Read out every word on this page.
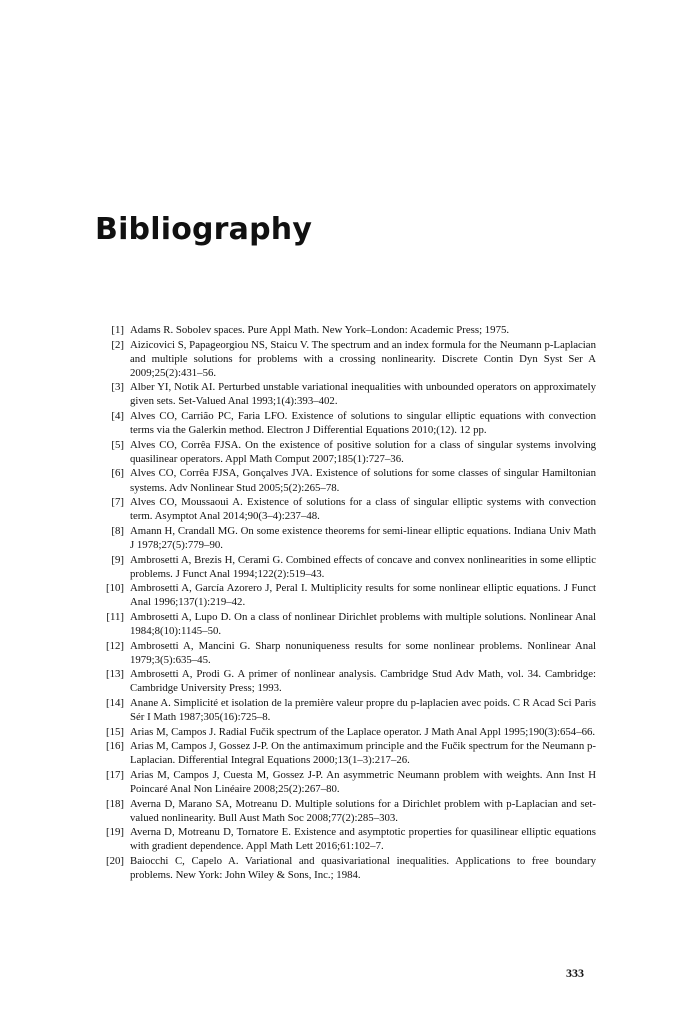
Bibliography
[1] Adams R. Sobolev spaces. Pure Appl Math. New York–London: Academic Press; 1975.
[2] Aizicovici S, Papageorgiou NS, Staicu V. The spectrum and an index formula for the Neumann p-Laplacian and multiple solutions for problems with a crossing nonlinearity. Discrete Contin Dyn Syst Ser A 2009;25(2):431–56.
[3] Alber YI, Notik AI. Perturbed unstable variational inequalities with unbounded operators on approximately given sets. Set-Valued Anal 1993;1(4):393–402.
[4] Alves CO, Carrião PC, Faria LFO. Existence of solutions to singular elliptic equations with convection terms via the Galerkin method. Electron J Differential Equations 2010;(12). 12 pp.
[5] Alves CO, Corrêa FJSA. On the existence of positive solution for a class of singular systems involving quasilinear operators. Appl Math Comput 2007;185(1):727–36.
[6] Alves CO, Corrêa FJSA, Gonçalves JVA. Existence of solutions for some classes of singular Hamiltonian systems. Adv Nonlinear Stud 2005;5(2):265–78.
[7] Alves CO, Moussaoui A. Existence of solutions for a class of singular elliptic systems with convection term. Asymptot Anal 2014;90(3–4):237–48.
[8] Amann H, Crandall MG. On some existence theorems for semi-linear elliptic equations. Indiana Univ Math J 1978;27(5):779–90.
[9] Ambrosetti A, Brezis H, Cerami G. Combined effects of concave and convex nonlinearities in some elliptic problems. J Funct Anal 1994;122(2):519–43.
[10] Ambrosetti A, García Azorero J, Peral I. Multiplicity results for some nonlinear elliptic equations. J Funct Anal 1996;137(1):219–42.
[11] Ambrosetti A, Lupo D. On a class of nonlinear Dirichlet problems with multiple solutions. Nonlinear Anal 1984;8(10):1145–50.
[12] Ambrosetti A, Mancini G. Sharp nonuniqueness results for some nonlinear problems. Nonlinear Anal 1979;3(5):635–45.
[13] Ambrosetti A, Prodi G. A primer of nonlinear analysis. Cambridge Stud Adv Math, vol. 34. Cambridge: Cambridge University Press; 1993.
[14] Anane A. Simplicité et isolation de la première valeur propre du p-laplacien avec poids. C R Acad Sci Paris Sér I Math 1987;305(16):725–8.
[15] Arias M, Campos J. Radial Fučik spectrum of the Laplace operator. J Math Anal Appl 1995;190(3):654–66.
[16] Arias M, Campos J, Gossez J-P. On the antimaximum principle and the Fučik spectrum for the Neumann p-Laplacian. Differential Integral Equations 2000;13(1–3):217–26.
[17] Arias M, Campos J, Cuesta M, Gossez J-P. An asymmetric Neumann problem with weights. Ann Inst H Poincaré Anal Non Linéaire 2008;25(2):267–80.
[18] Averna D, Marano SA, Motreanu D. Multiple solutions for a Dirichlet problem with p-Laplacian and set-valued nonlinearity. Bull Aust Math Soc 2008;77(2):285–303.
[19] Averna D, Motreanu D, Tornatore E. Existence and asymptotic properties for quasilinear elliptic equations with gradient dependence. Appl Math Lett 2016;61:102–7.
[20] Baiocchi C, Capelo A. Variational and quasivariational inequalities. Applications to free boundary problems. New York: John Wiley & Sons, Inc.; 1984.
333
